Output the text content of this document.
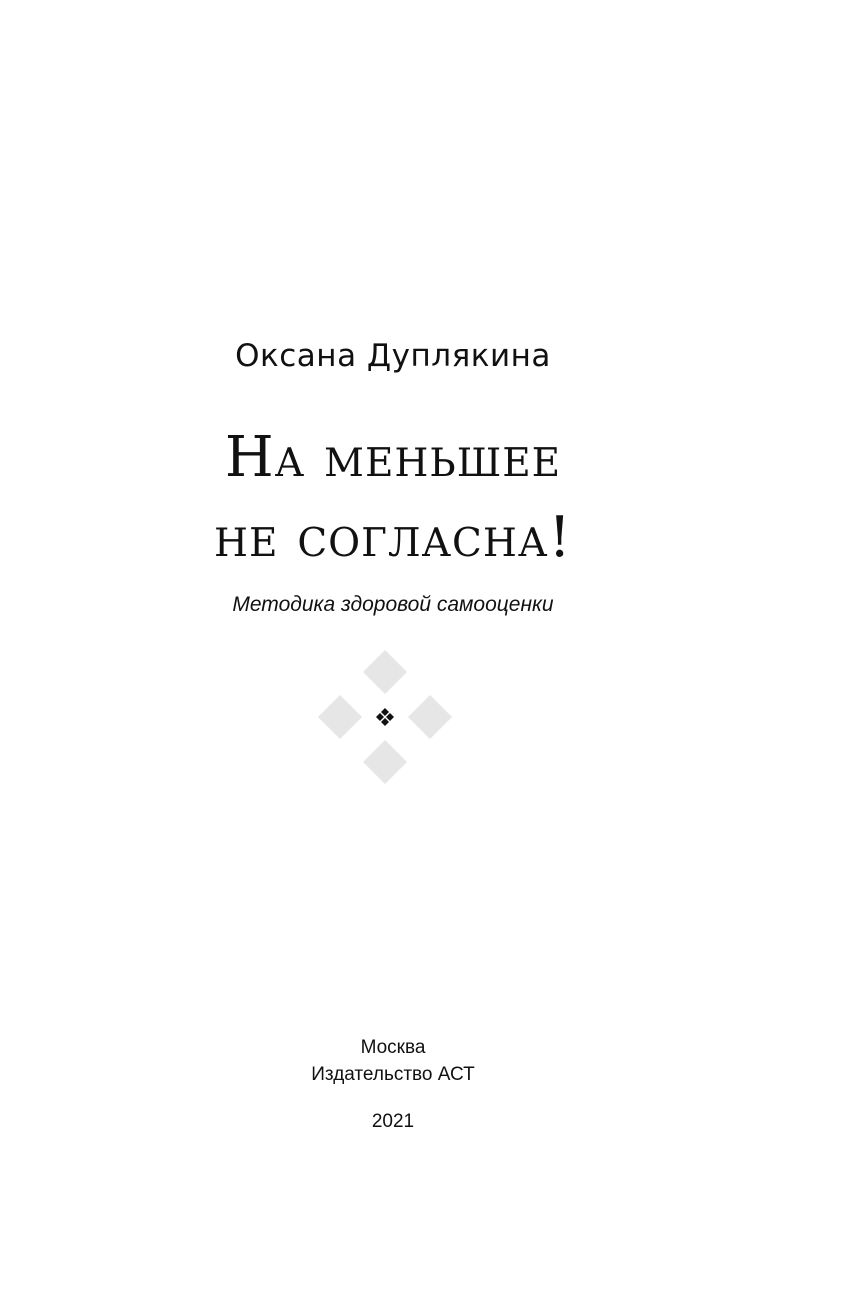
Оксана Дуплякина
На меньшее
не согласна!
Методика здоровой самооценки
Москва
Издательство АСТ
2021
